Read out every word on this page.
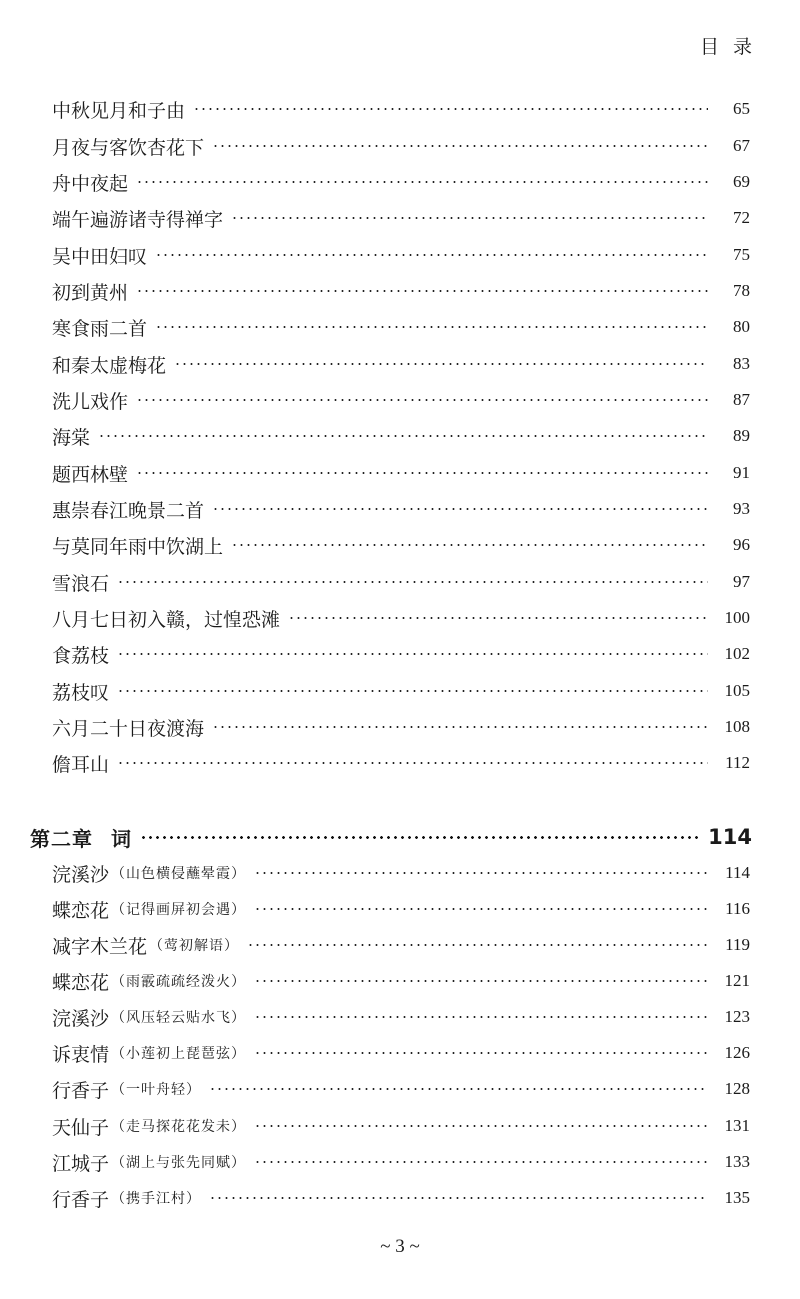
目 录
中秋见月和子由	65
月夜与客饮杏花下	67
舟中夜起	69
端午遍游诸寺得禅字	72
吴中田妇叹	75
初到黄州	78
寒食雨二首	80
和秦太虚梅花	83
洗儿戏作	87
海棠	89
题西林壁	91
惠崇春江晚景二首	93
与莫同年雨中饮湖上	96
雪浪石	97
八月七日初入赣，过惶恐滩	100
食荔枝	102
荔枝叹	105
六月二十日夜渡海	108
儋耳山	112
第二章 词	114
浣溪沙 （山色横侵蘸晕霞）	114
蝶恋花 （记得画屏初会遇）	116
减字木兰花 （莺初解语）	119
蝶恋花 （雨霰疏疏经泼火）	121
浣溪沙 （风压轻云贴水飞）	123
诉衷情 （小莲初上琵琶弦）	126
行香子 （一叶舟轻）	128
天仙子 （走马探花花发未）	131
江城子 （湖上与张先同赋）	133
行香子 （携手江村）	135
~ 3 ~
